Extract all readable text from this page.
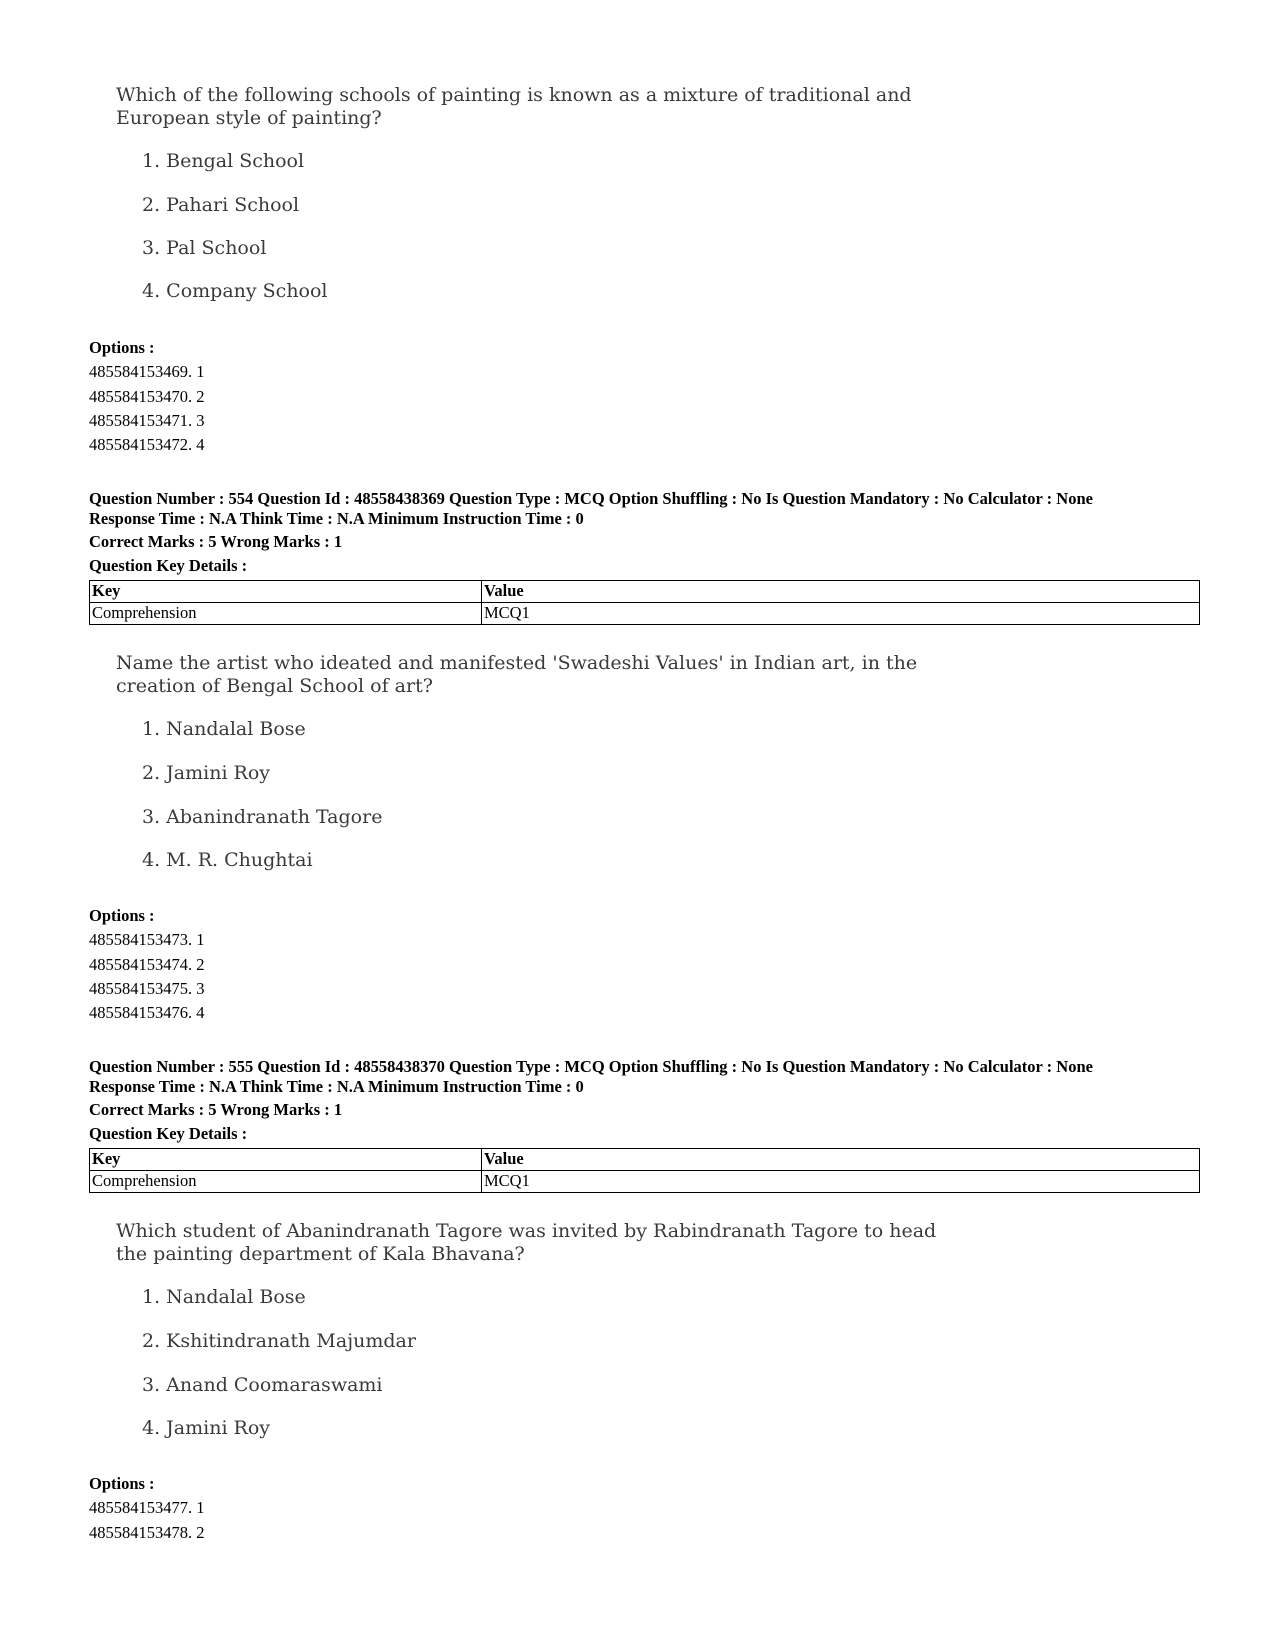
Which of the following schools of painting is known as a mixture of traditional and European style of painting?
1. Bengal School
2. Pahari School
3. Pal School
4. Company School
Options :
485584153469. 1
485584153470. 2
485584153471. 3
485584153472. 4
Question Number : 554 Question Id : 48558438369 Question Type : MCQ Option Shuffling : No Is Question Mandatory : No Calculator : None
Response Time : N.A Think Time : N.A Minimum Instruction Time : 0
Correct Marks : 5 Wrong Marks : 1
Question Key Details :
Key	Value
Comprehension	MCQ1
Name the artist who ideated and manifested 'Swadeshi Values' in Indian art, in the creation of Bengal School of art?
1. Nandalal Bose
2. Jamini Roy
3. Abanindranath Tagore
4. M. R. Chughtai
Options :
485584153473. 1
485584153474. 2
485584153475. 3
485584153476. 4
Question Number : 555 Question Id : 48558438370 Question Type : MCQ Option Shuffling : No Is Question Mandatory : No Calculator : None
Response Time : N.A Think Time : N.A Minimum Instruction Time : 0
Correct Marks : 5 Wrong Marks : 1
Question Key Details :
Key	Value
Comprehension	MCQ1
Which student of Abanindranath Tagore was invited by Rabindranath Tagore to head the painting department of Kala Bhavana?
1. Nandalal Bose
2. Kshitindranath Majumdar
3. Anand Coomaraswami
4. Jamini Roy
Options :
485584153477. 1
485584153478. 2
